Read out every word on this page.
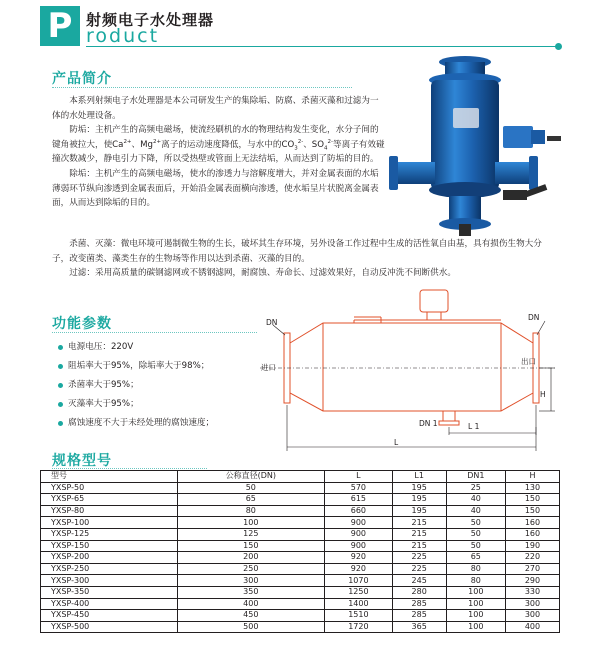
P 射频电子水处理器
roduct
产品简介

本系列射频电子水处理器是本公司研发生产的集除垢、防腐、杀菌灭藻和过滤为一体的水处理设备。

防垢：主机产生的高频电磁场，使流经刷机的水的物理结构发生变化，水分子间的键角被拉大，使$Ca^{2+}$、$Mg^{2+}$离子的运动速度降低，与水中的$CO_3^{2-}$、$SO_4^{2-}$等离子有效碰撞次数减少，静电引力下降，所以受热壁或管面上无法结垢，从而达到了防垢的目的。

除垢：主机产生的高频电磁场，使水的渗透力与溶解度增大，并对金属表面的水垢薄弱环节纵向渗透到金属表面后，开始沿金属表面横向渗透，使水垢呈片状脱离金属表面，从而达到除垢的目的。

杀菌、灭藻：微电环境可遏制微生物的生长，破坏其生存环境，另外设备工作过程中生成的活性氧自由基，具有损伤生物大分子，改变菌类、藻类生存的生物场等作用以达到杀菌、灭藻的目的。

过滤：采用高质量的碳钢滤网或不锈钢滤网，耐腐蚀、寿命长、过滤效果好，自动反冲洗不间断供水。

功能参数
电源电压：220V
阻垢率大于95%，除垢率大于98%；
杀菌率大于95%；
灭藻率大于95%；
腐蚀速度不大于未经处理的腐蚀速度；
DN
DN
进口
出口
H
DN 1	L 1
L
规格型号
型号	公称直径(DN)	L	L1	DN1	H
YXSP-50	50	570	195	25	130
YXSP-65	65	615	195	40	150
YXSP-80	80	660	195	40	150
YXSP-100	100	900	215	50	160
YXSP-125	125	900	215	50	160
YXSP-150	150	900	215	50	190
YXSP-200	200	920	225	65	220
YXSP-250	250	920	225	80	270
YXSP-300	300	1070	245	80	290
YXSP-350	350	1250	280	100	330
YXSP-400	400	1400	285	100	300
YXSP-450	450	1510	285	100	300
YXSP-500	500	1720	365	100	400
